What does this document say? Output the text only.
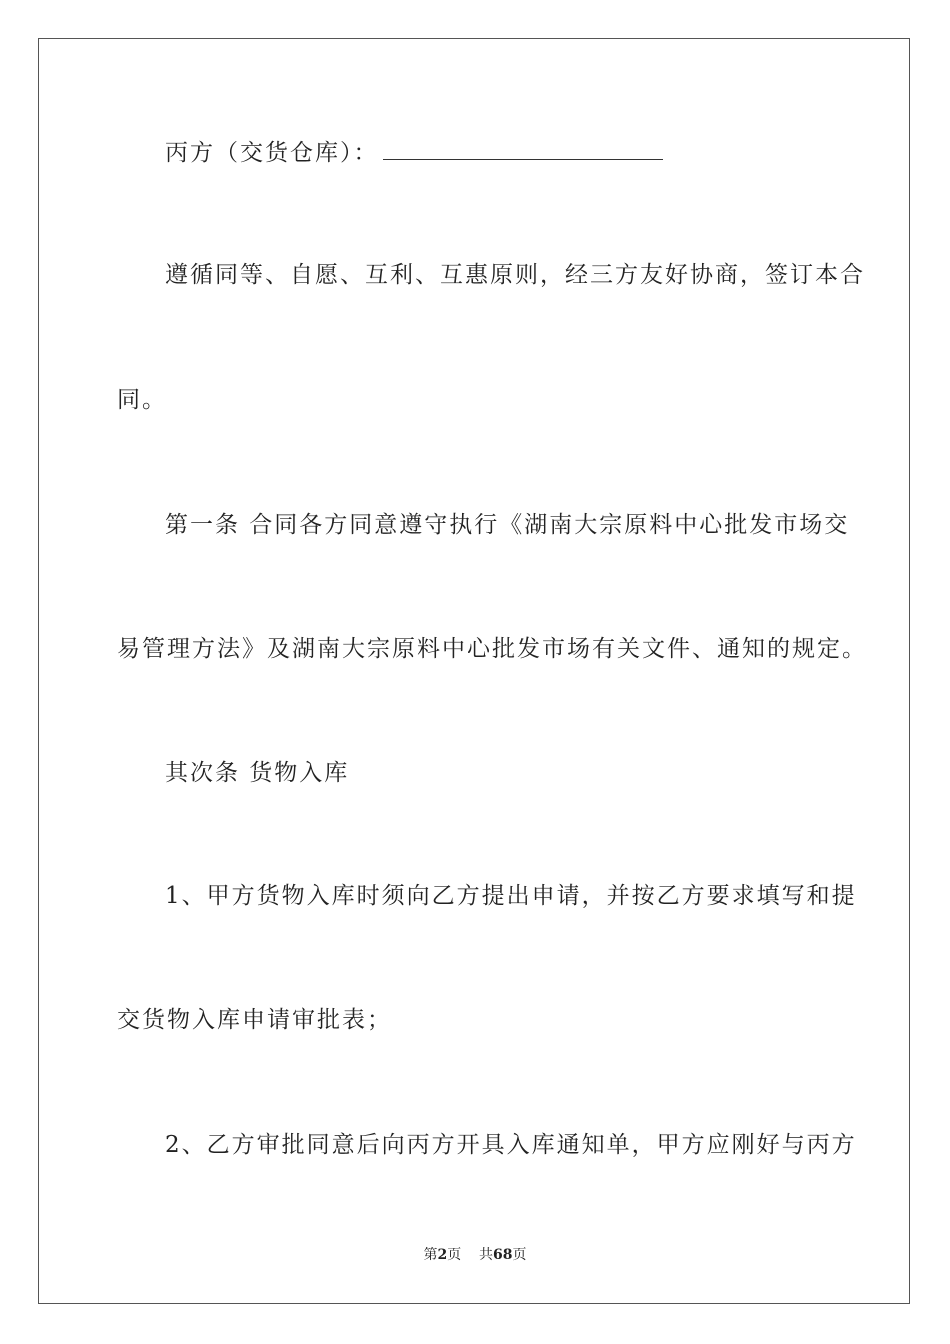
丙方（交货仓库）：
遵循同等、自愿、互利、互惠原则，经三方友好协商，签订本合
同。
第一条 合同各方同意遵守执行《湖南大宗原料中心批发市场交
易管理方法》及湖南大宗原料中心批发市场有关文件、通知的规定。
其次条 货物入库
1、甲方货物入库时须向乙方提出申请，并按乙方要求填写和提
交货物入库申请审批表；
2、乙方审批同意后向丙方开具入库通知单，甲方应刚好与丙方
第2页 共68页
